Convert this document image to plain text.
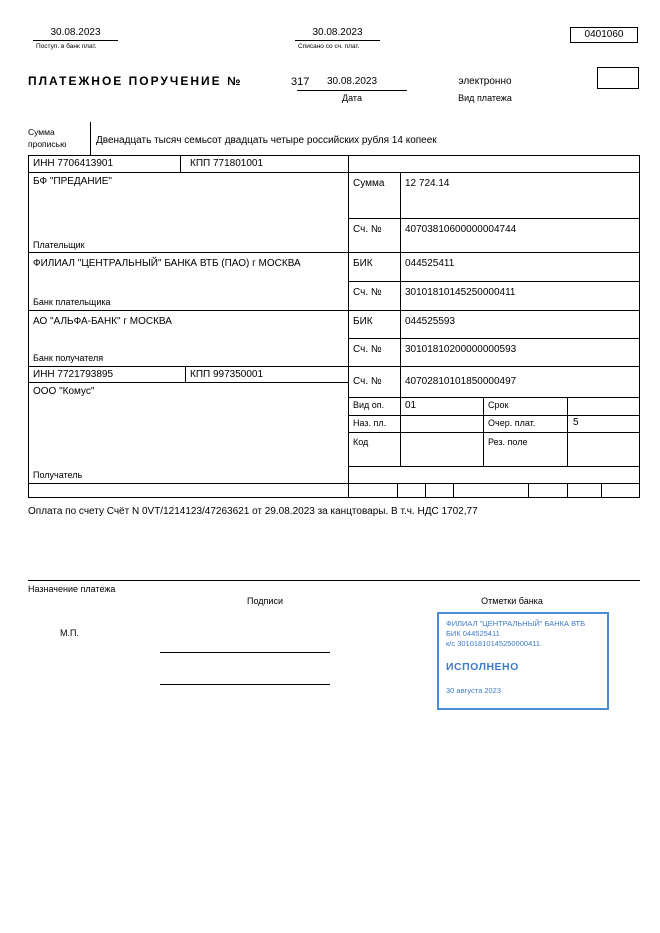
30.08.2023
Поступ. в банк плат.
30.08.2023
Списано со сч. плат.
0401060
ПЛАТЕЖНОЕ ПОРУЧЕНИЕ №	317	30.08.2023
Дата
электронно
Вид платежа
Сумма прописью	Двенадцать тысяч семьсот двадцать четыре российских рубля 14 копеек
ИНН 7706413901	КПП 771801001
БФ "ПРЕДАНИЕ"
Плательщик
Сумма 12 724.14
Сч. № 40703810600000004744
ФИЛИАЛ "ЦЕНТРАЛЬНЫЙ" БАНКА ВТБ (ПАО) г МОСКВА
Банк плательщика
БИК	044525411
Сч. № 30101810145250000411
АО "АЛЬФА-БАНК" г МОСКВА
Банк получателя
БИК	044525593
Сч. № 30101810200000000593
ИНН 7721793895	КПП 997350001
Сч. № 40702810101850000497
ООО "Комус"
Получатель
Вид оп. 01	Срок
Наз. пл.	Очер. плат.	5
Код	Рез. поле
Оплата по счету Счёт N 0VT/1214123/47263621 от 29.08.2023 за канцтовары. В т.ч. НДС 1702,77
Назначение платежа
Подписи	Отметки банка
М.П.
ФИЛИАЛ "ЦЕНТРАЛЬНЫЙ" БАНКА ВТБ
БИК 044525411
к/с 30101810145250000411
ИСПОЛНЕНО
30 августа 2023
